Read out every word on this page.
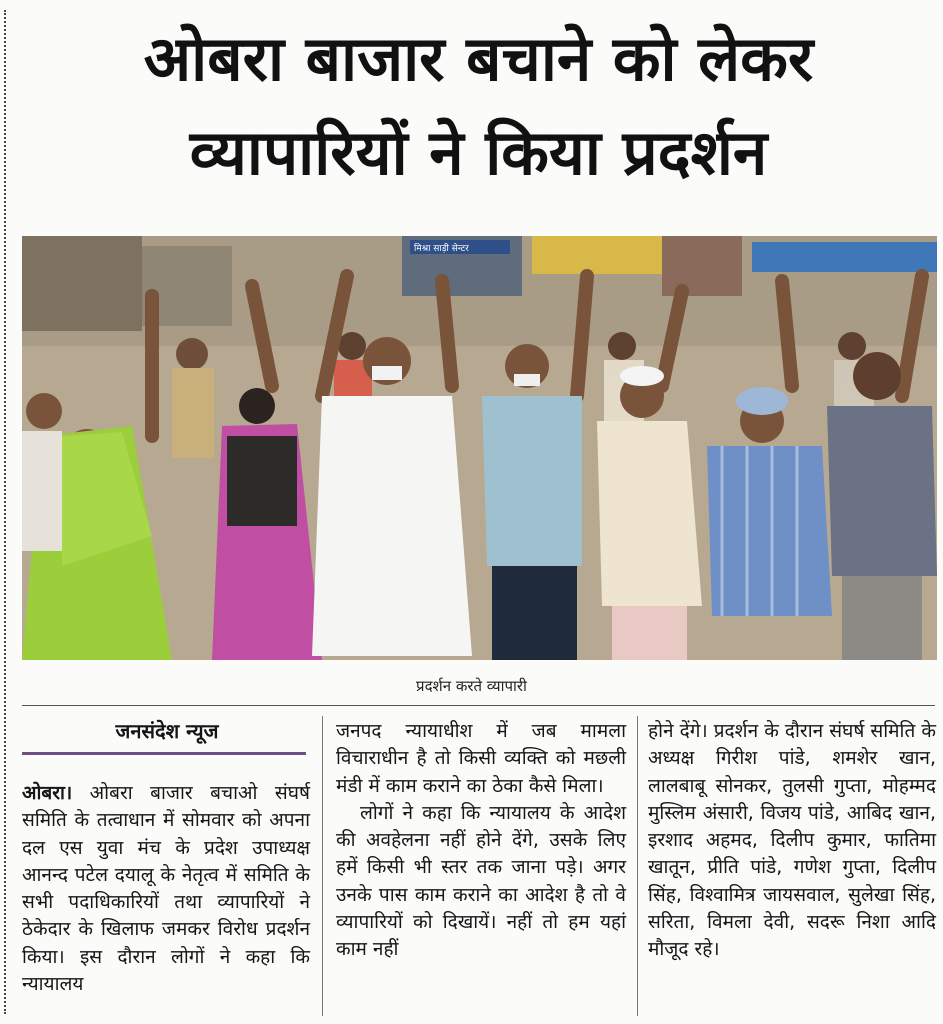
ओबरा बाजार बचाने को लेकर
व्यापारियों ने किया प्रदर्शन
मिश्रा साड़ी सेन्टर
प्रदर्शन करते व्यापारी
जनसंदेश न्यूज

ओबरा। ओबरा बाजार बचाओ संघर्ष समिति के तत्वाधान में सोमवार को अपना दल एस युवा मंच के प्रदेश उपाध्यक्ष आनन्द पटेल दयालू के नेतृत्व में समिति के सभी पदाधिकारियों तथा व्यापारियों ने ठेकेदार के खिलाफ जमकर विरोध प्रदर्शन किया। इस दौरान लोगों ने कहा कि न्यायालय

जनपद न्यायाधीश में जब मामला विचाराधीन है तो किसी व्यक्ति को मछली मंडी में काम कराने का ठेका कैसे मिला।

लोगों ने कहा कि न्यायालय के आदेश की अवहेलना नहीं होने देंगे, उसके लिए हमें किसी भी स्तर तक जाना पड़े। अगर उनके पास काम कराने का आदेश है तो वे व्यापारियों को दिखायें। नहीं तो हम यहां काम नहीं

होने देंगे। प्रदर्शन के दौरान संघर्ष समिति के अध्यक्ष गिरीश पांडे, शमशेर खान, लालबाबू सोनकर, तुलसी गुप्ता, मोहम्मद मुस्लिम अंसारी, विजय पांडे, आबिद खान, इरशाद अहमद, दिलीप कुमार, फातिमा खातून, प्रीति पांडे, गणेश गुप्ता, दिलीप सिंह, विश्वामित्र जायसवाल, सुलेखा सिंह, सरिता, विमला देवी, सदरू निशा आदि मौजूद रहे।
